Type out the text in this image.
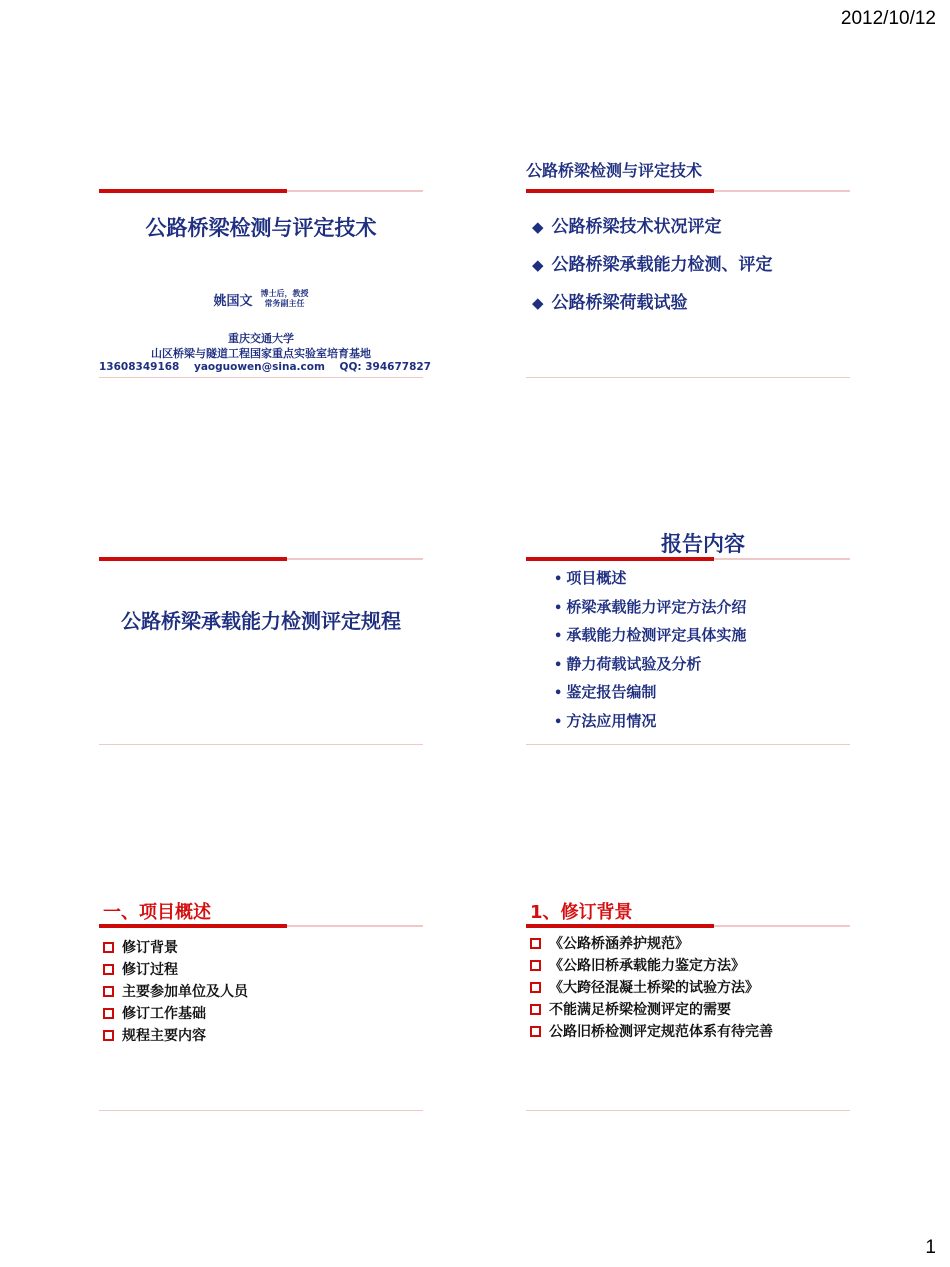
2012/10/12
公路桥梁检测与评定技术
姚国文 博士后，教授
常务副主任
重庆交通大学
山区桥梁与隧道工程国家重点实验室培育基地
13608349168    yaoguowen@sina.com    QQ: 394677827
公路桥梁检测与评定技术
◆ 公路桥梁技术状况评定
◆ 公路桥梁承载能力检测、评定
◆ 公路桥梁荷载试验
公路桥梁承载能力检测评定规程
报告内容
• 项目概述
• 桥梁承载能力评定方法介绍
• 承载能力检测评定具体实施
• 静力荷载试验及分析
• 鉴定报告编制
• 方法应用情况
一、项目概述
修订背景
修订过程
主要参加单位及人员
修订工作基础
规程主要内容
1、修订背景
《公路桥涵养护规范》
《公路旧桥承载能力鉴定方法》
《大跨径混凝土桥梁的试验方法》
不能满足桥梁检测评定的需要
公路旧桥检测评定规范体系有待完善
1
